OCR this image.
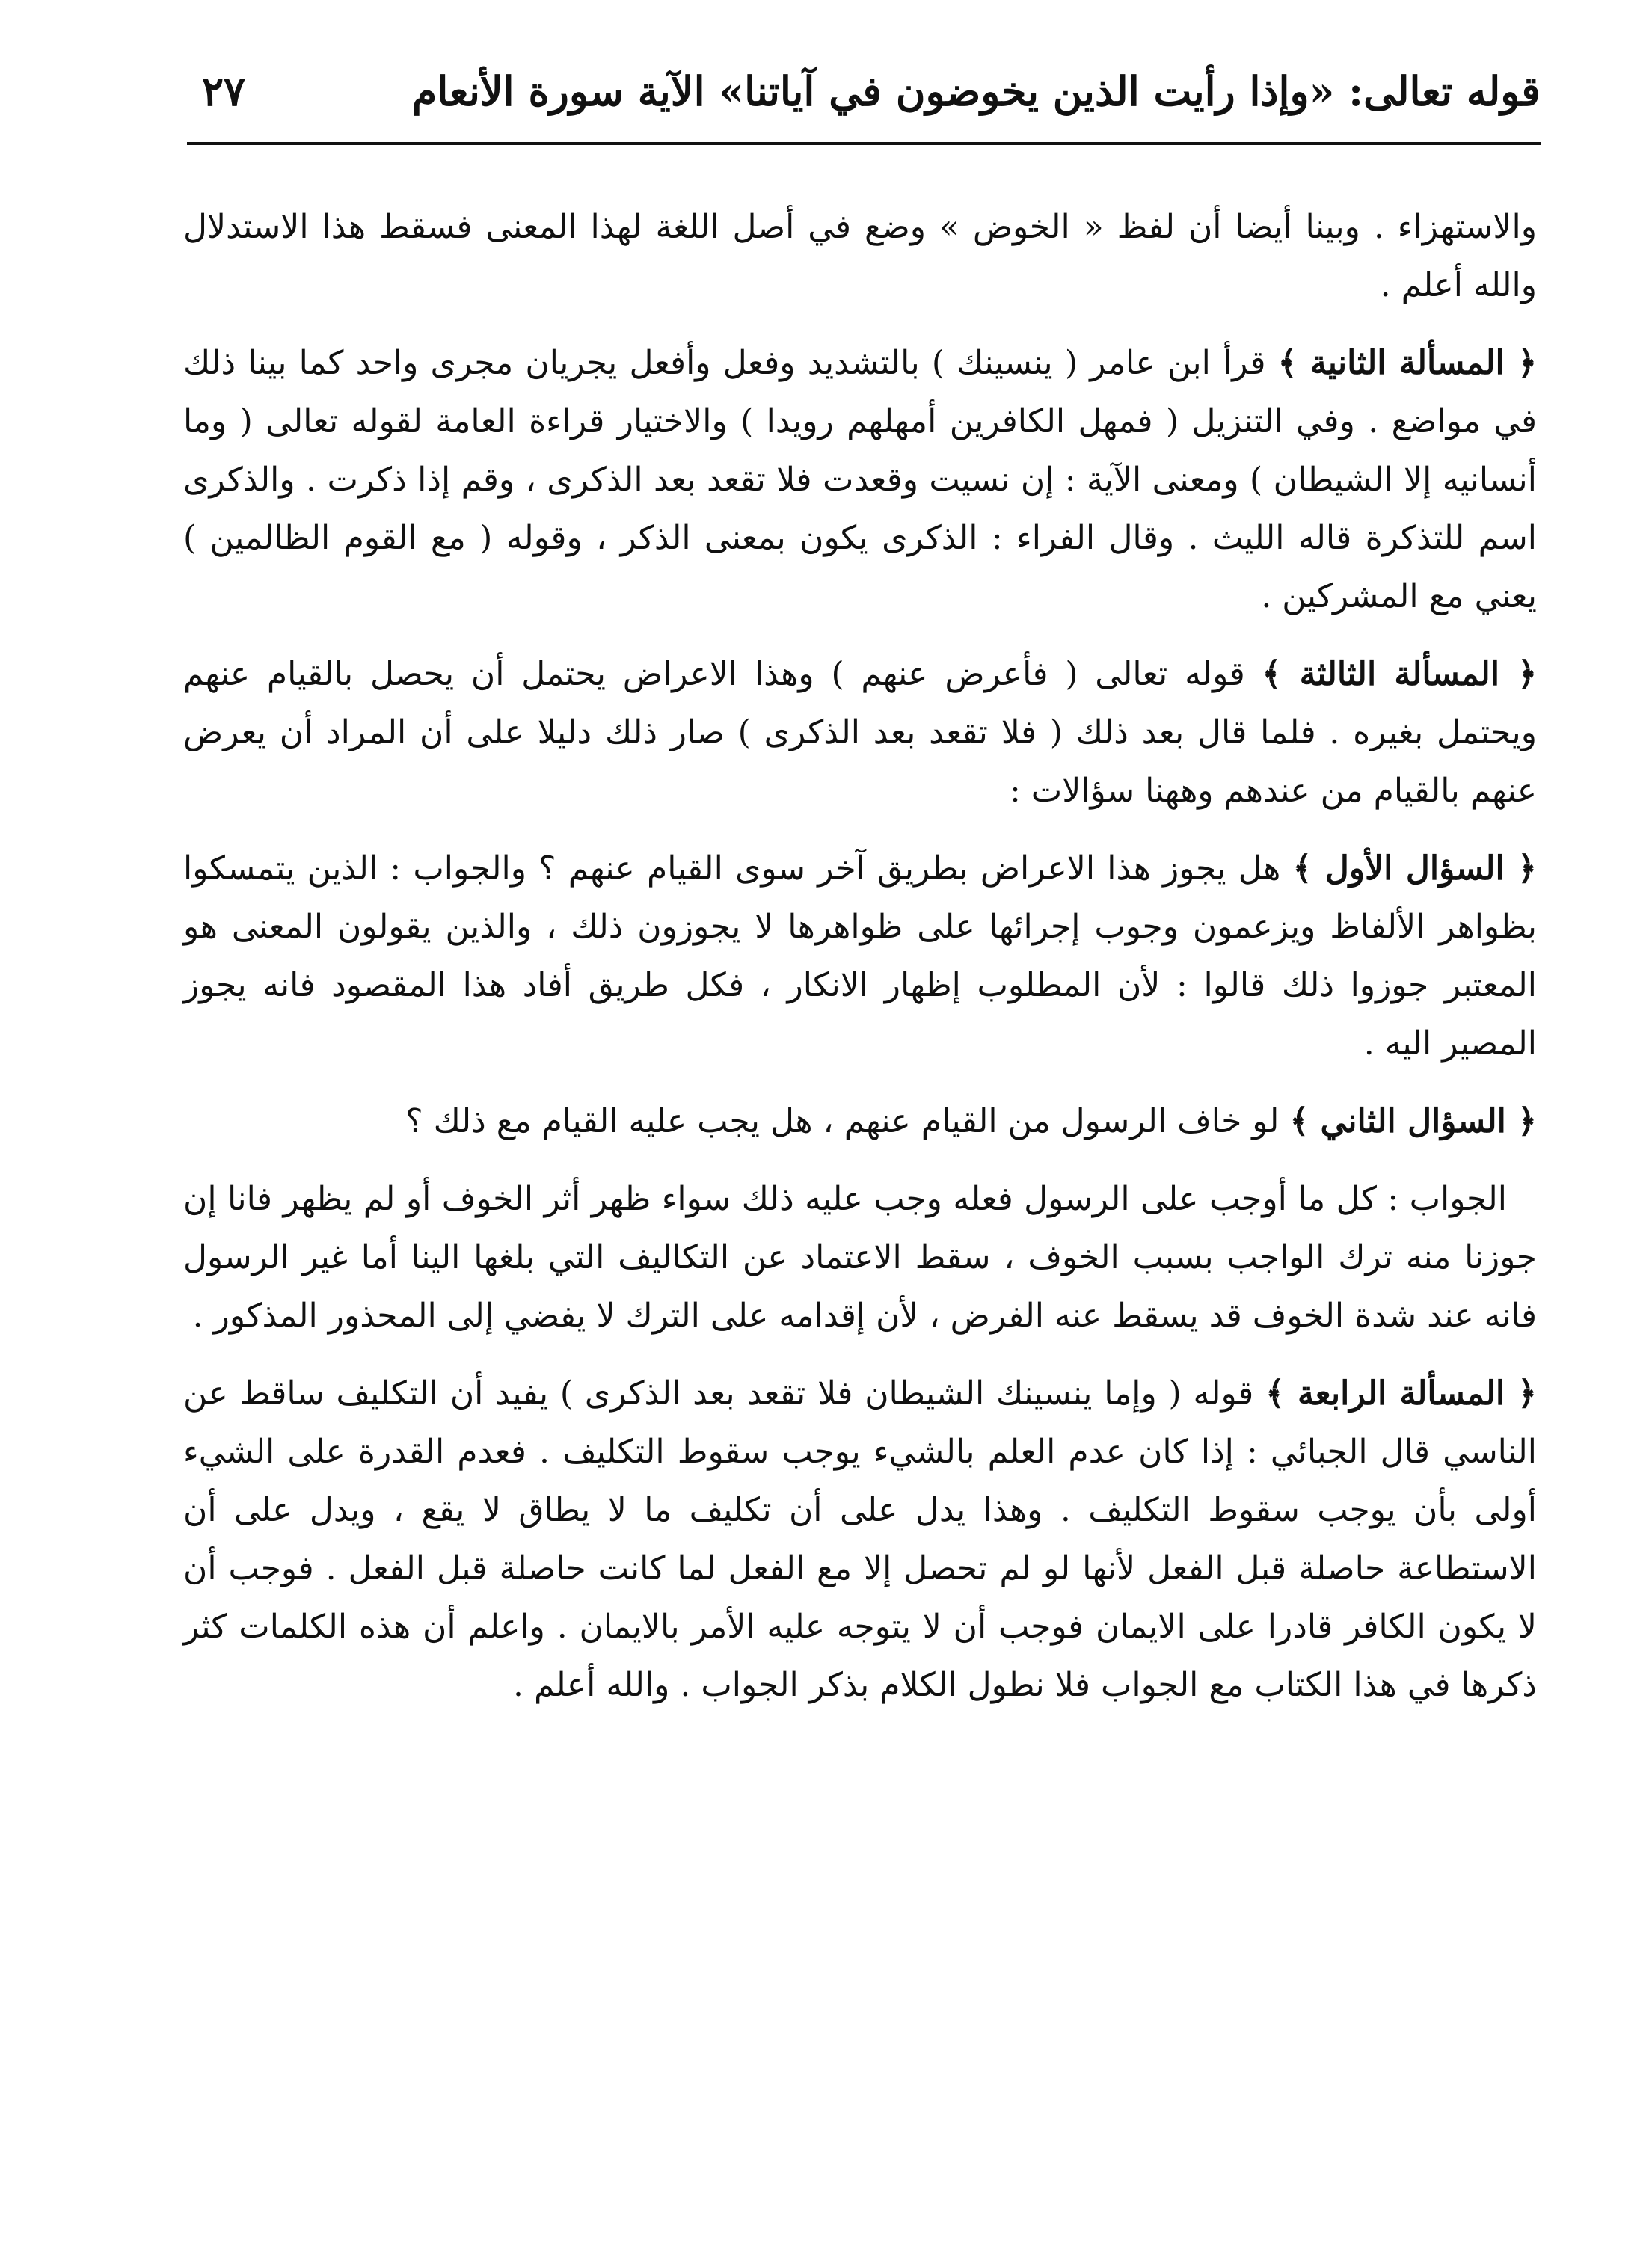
قوله تعالى: «وإذا رأيت الذين يخوضون في آياتنا» الآية سورة الأنعام
٢٧

والاستهزاء . وبينا أيضا أن لفظ « الخوض » وضع في أصل اللغة لهذا المعنى فسقط هذا الاستدلال والله أعلم .

﴿ المسألة الثانية ﴾ قرأ ابن عامر ( ينسينك ) بالتشديد وفعل وأفعل يجريان مجرى واحد كما بينا ذلك في مواضع . وفي التنزيل ( فمهل الكافرين أمهلهم رويدا ) والاختيار قراءة العامة لقوله تعالى ( وما أنسانيه إلا الشيطان ) ومعنى الآية : إن نسيت وقعدت فلا تقعد بعد الذكرى ، وقم إذا ذكرت . والذكرى اسم للتذكرة قاله الليث . وقال الفراء : الذكرى يكون بمعنى الذكر ، وقوله ( مع القوم الظالمين ) يعني مع المشركين .

﴿ المسألة الثالثة ﴾ قوله تعالى ( فأعرض عنهم ) وهذا الاعراض يحتمل أن يحصل بالقيام عنهم ويحتمل بغيره . فلما قال بعد ذلك ( فلا تقعد بعد الذكرى ) صار ذلك دليلا على أن المراد أن يعرض عنهم بالقيام من عندهم وههنا سؤالات :

﴿ السؤال الأول ﴾ هل يجوز هذا الاعراض بطريق آخر سوى القيام عنهم ؟ والجواب : الذين يتمسكوا بظواهر الألفاظ ويزعمون وجوب إجرائها على ظواهرها لا يجوزون ذلك ، والذين يقولون المعنى هو المعتبر جوزوا ذلك قالوا : لأن المطلوب إظهار الانكار ، فكل طريق أفاد هذا المقصود فانه يجوز المصير اليه .

﴿ السؤال الثاني ﴾ لو خاف الرسول من القيام عنهم ، هل يجب عليه القيام مع ذلك ؟

الجواب : كل ما أوجب على الرسول فعله وجب عليه ذلك سواء ظهر أثر الخوف أو لم يظهر فانا إن جوزنا منه ترك الواجب بسبب الخوف ، سقط الاعتماد عن التكاليف التي بلغها الينا أما غير الرسول فانه عند شدة الخوف قد يسقط عنه الفرض ، لأن إقدامه على الترك لا يفضي إلى المحذور المذكور .

﴿ المسألة الرابعة ﴾ قوله ( وإما ينسينك الشيطان فلا تقعد بعد الذكرى ) يفيد أن التكليف ساقط عن الناسي قال الجبائي : إذا كان عدم العلم بالشيء يوجب سقوط التكليف . فعدم القدرة على الشيء أولى بأن يوجب سقوط التكليف . وهذا يدل على أن تكليف ما لا يطاق لا يقع ، ويدل على أن الاستطاعة حاصلة قبل الفعل لأنها لو لم تحصل إلا مع الفعل لما كانت حاصلة قبل الفعل . فوجب أن لا يكون الكافر قادرا على الايمان فوجب أن لا يتوجه عليه الأمر بالايمان . واعلم أن هذه الكلمات كثر ذكرها في هذا الكتاب مع الجواب فلا نطول الكلام بذكر الجواب . والله أعلم .
